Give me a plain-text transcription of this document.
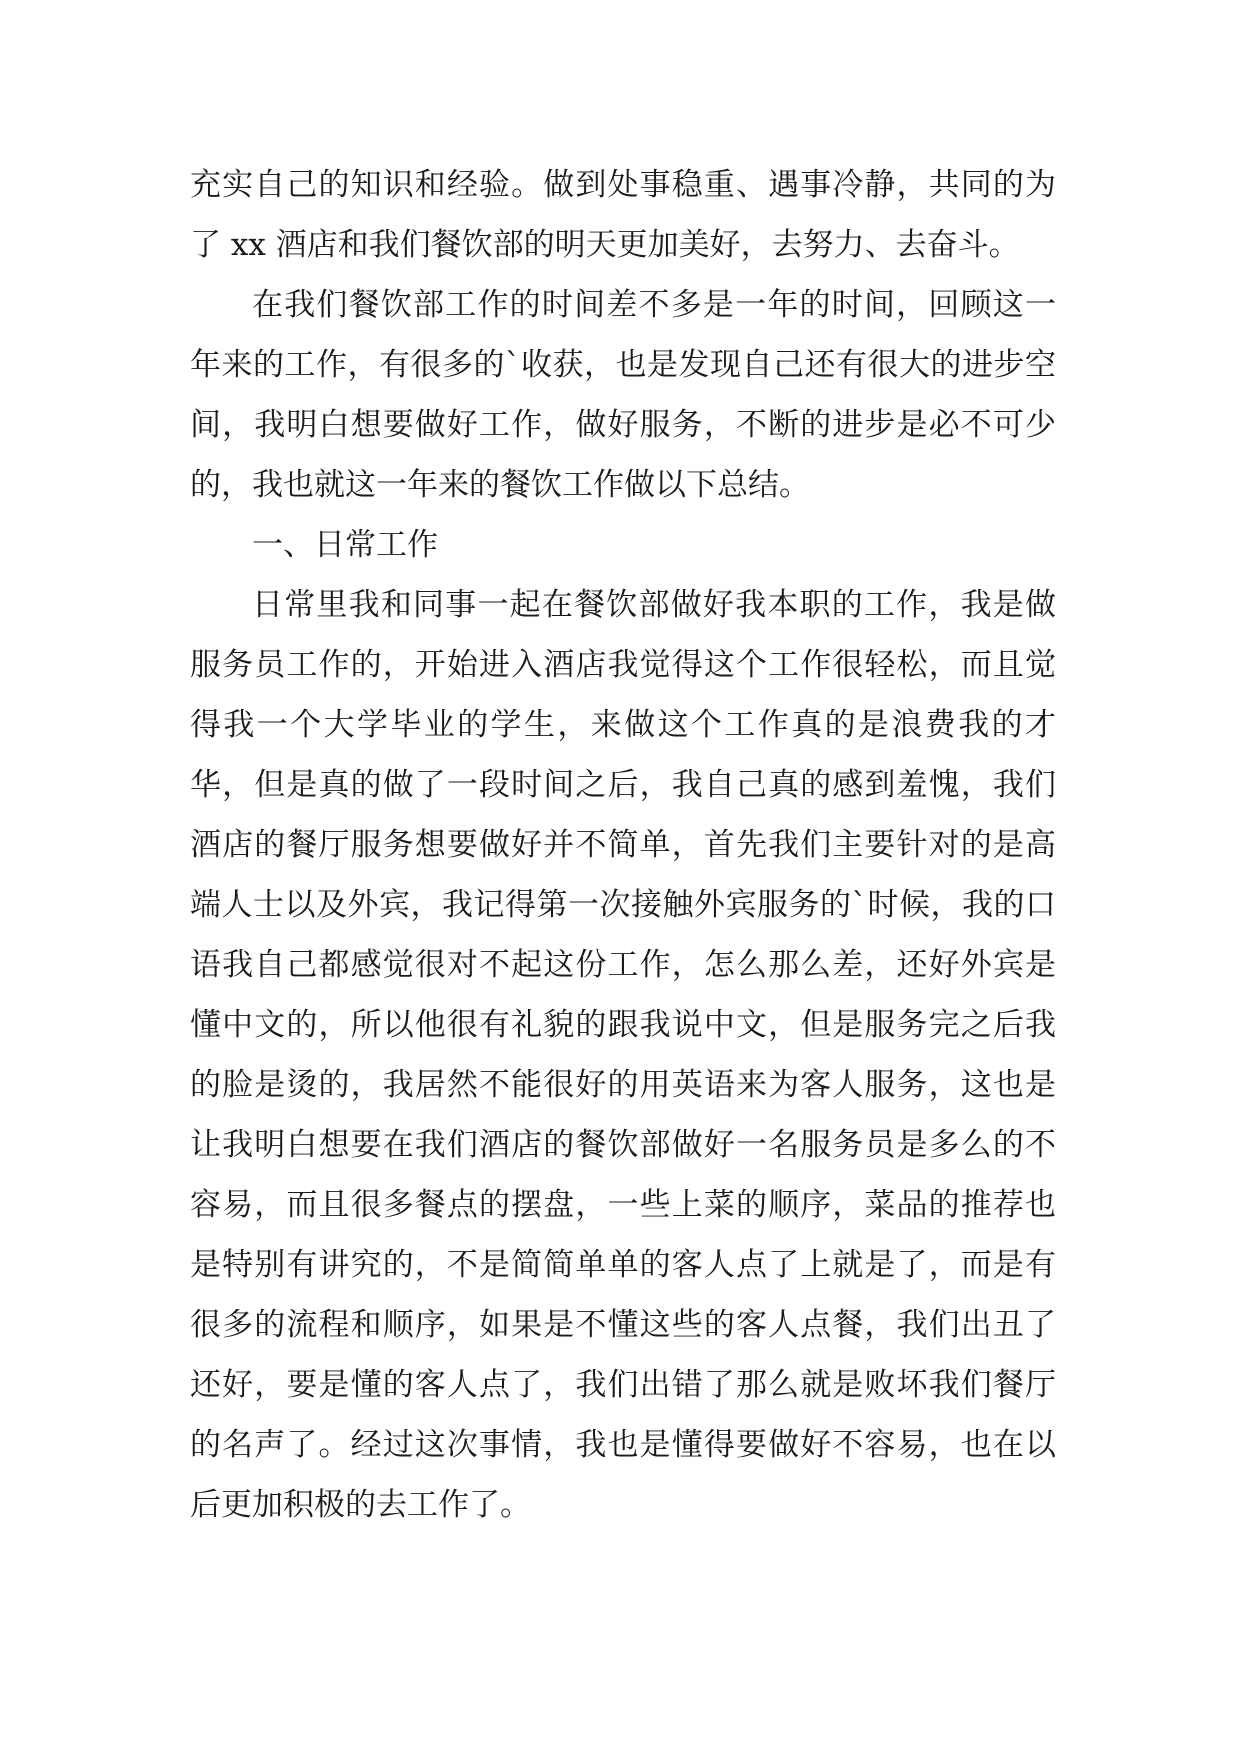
充实自己的知识和经验。做到处事稳重、遇事冷静，共同的为了 xx 酒店和我们餐饮部的明天更加美好，去努力、去奋斗。

在我们餐饮部工作的时间差不多是一年的时间，回顾这一年来的工作，有很多的`收获，也是发现自己还有很大的进步空间，我明白想要做好工作，做好服务，不断的进步是必不可少的，我也就这一年来的餐饮工作做以下总结。

一、日常工作

日常里我和同事一起在餐饮部做好我本职的工作，我是做服务员工作的，开始进入酒店我觉得这个工作很轻松，而且觉得我一个大学毕业的学生，来做这个工作真的是浪费我的才华，但是真的做了一段时间之后，我自己真的感到羞愧，我们酒店的餐厅服务想要做好并不简单，首先我们主要针对的是高端人士以及外宾，我记得第一次接触外宾服务的`时候，我的口语我自己都感觉很对不起这份工作，怎么那么差，还好外宾是懂中文的，所以他很有礼貌的跟我说中文，但是服务完之后我的脸是烫的，我居然不能很好的用英语来为客人服务，这也是让我明白想要在我们酒店的餐饮部做好一名服务员是多么的不容易，而且很多餐点的摆盘，一些上菜的顺序，菜品的推荐也是特别有讲究的，不是简简单单的客人点了上就是了，而是有很多的流程和顺序，如果是不懂这些的客人点餐，我们出丑了还好，要是懂的客人点了，我们出错了那么就是败坏我们餐厅的名声了。经过这次事情，我也是懂得要做好不容易，也在以后更加积极的去工作了。
